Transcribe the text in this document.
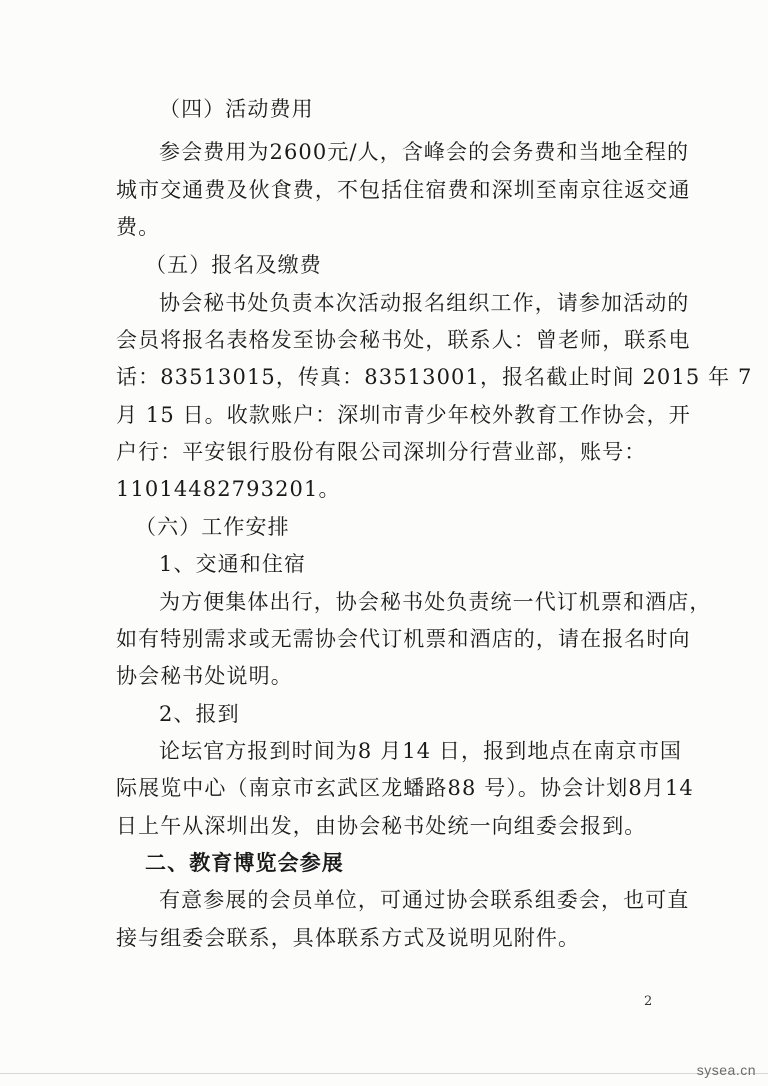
（四）活动费用
参会费用为2600元/人，含峰会的会务费和当地全程的
城市交通费及伙食费，不包括住宿费和深圳至南京往返交通
费。
（五）报名及缴费
协会秘书处负责本次活动报名组织工作，请参加活动的
会员将报名表格发至协会秘书处，联系人：曾老师，联系电
话：83513015，传真：83513001，报名截止时间 2015 年 7
月 15 日。收款账户：深圳市青少年校外教育工作协会，开
户行：平安银行股份有限公司深圳分行营业部，账号：
11014482793201。
（六）工作安排
1、交通和住宿
为方便集体出行，协会秘书处负责统一代订机票和酒店，
如有特别需求或无需协会代订机票和酒店的，请在报名时向
协会秘书处说明。
2、报到
论坛官方报到时间为8 月14 日，报到地点在南京市国
际展览中心（南京市玄武区龙蟠路88 号）。协会计划8月14
日上午从深圳出发，由协会秘书处统一向组委会报到。
二、教育博览会参展
有意参展的会员单位，可通过协会联系组委会，也可直
接与组委会联系，具体联系方式及说明见附件。
2
sysea.cn
